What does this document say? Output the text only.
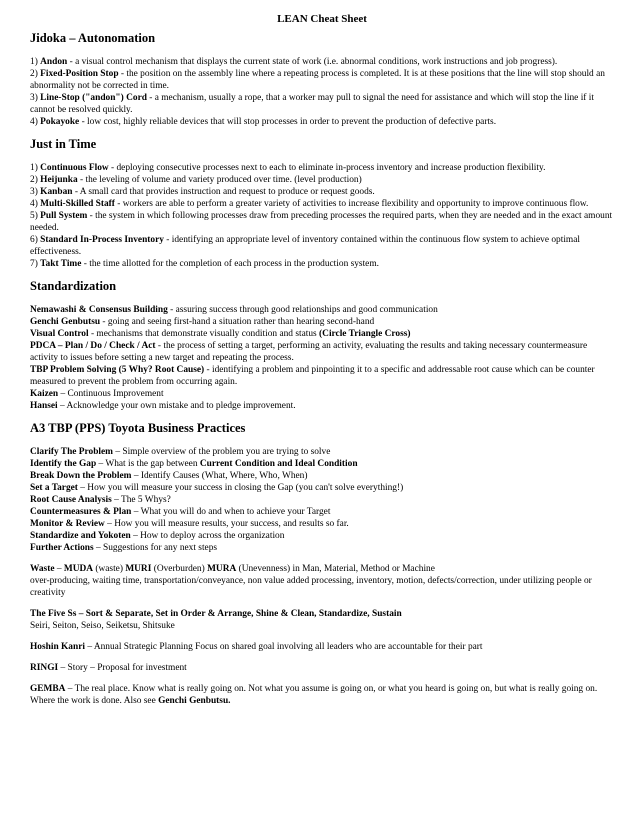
LEAN Cheat Sheet
Jidoka – Autonomation

1) Andon - a visual control mechanism that displays the current state of work (i.e. abnormal conditions, work instructions and job progress).

2) Fixed-Position Stop - the position on the assembly line where a repeating process is completed. It is at these positions that the line will stop should an abnormality not be corrected in time.

3) Line-Stop ("andon") Cord - a mechanism, usually a rope, that a worker may pull to signal the need for assistance and which will stop the line if it cannot be resolved quickly.

4) Pokayoke - low cost, highly reliable devices that will stop processes in order to prevent the production of defective parts.

Just in Time

1) Continuous Flow - deploying consecutive processes next to each to eliminate in-process inventory and increase production flexibility.

2) Heijunka - the leveling of volume and variety produced over time. (level production)

3) Kanban - A small card that provides instruction and request to produce or request goods.

4) Multi-Skilled Staff - workers are able to perform a greater variety of activities to increase flexibility and opportunity to improve continuous flow.

5) Pull System - the system in which following processes draw from preceding processes the required parts, when they are needed and in the exact amount needed.

6) Standard In-Process Inventory - identifying an appropriate level of inventory contained within the continuous flow system to achieve optimal effectiveness.

7) Takt Time - the time allotted for the completion of each process in the production system.

Standardization

Nemawashi & Consensus Building - assuring success through good relationships and good communication

Genchi Genbutsu - going and seeing first-hand a situation rather than hearing second-hand

Visual Control - mechanisms that demonstrate visually condition and status (Circle Triangle Cross)

PDCA – Plan / Do / Check / Act - the process of setting a target, performing an activity, evaluating the results and taking necessary countermeasure activity to issues before setting a new target and repeating the process.

TBP Problem Solving (5 Why? Root Cause) - identifying a problem and pinpointing it to a specific and addressable root cause which can be counter measured to prevent the problem from occurring again.

Kaizen – Continuous Improvement

Hansei – Acknowledge your own mistake and to pledge improvement.

A3 TBP (PPS) Toyota Business Practices

Clarify The Problem – Simple overview of the problem you are trying to solve

Identify the Gap – What is the gap between Current Condition and Ideal Condition

Break Down the Problem – Identify Causes (What, Where, Who, When)

Set a Target – How you will measure your success in closing the Gap (you can't solve everything!)

Root Cause Analysis – The 5 Whys?

Countermeasures & Plan – What you will do and when to achieve your Target

Monitor & Review – How you will measure results, your success, and results so far.

Standardize and Yokoten – How to deploy across the organization

Further Actions – Suggestions for any next steps

Waste – MUDA (waste) MURI (Overburden) MURA (Unevenness) in Man, Material, Method or Machine

over-producing, waiting time, transportation/conveyance, non value added processing, inventory, motion, defects/correction, under utilizing people or creativity

The Five Ss – Sort & Separate, Set in Order & Arrange, Shine & Clean, Standardize, Sustain

Seiri, Seiton, Seiso, Seiketsu, Shitsuke

Hoshin Kanri – Annual Strategic Planning Focus on shared goal involving all leaders who are accountable for their part

RINGI – Story – Proposal for investment

GEMBA – The real place. Know what is really going on. Not what you assume is going on, or what you heard is going on, but what is really going on. Where the work is done. Also see Genchi Genbutsu.
